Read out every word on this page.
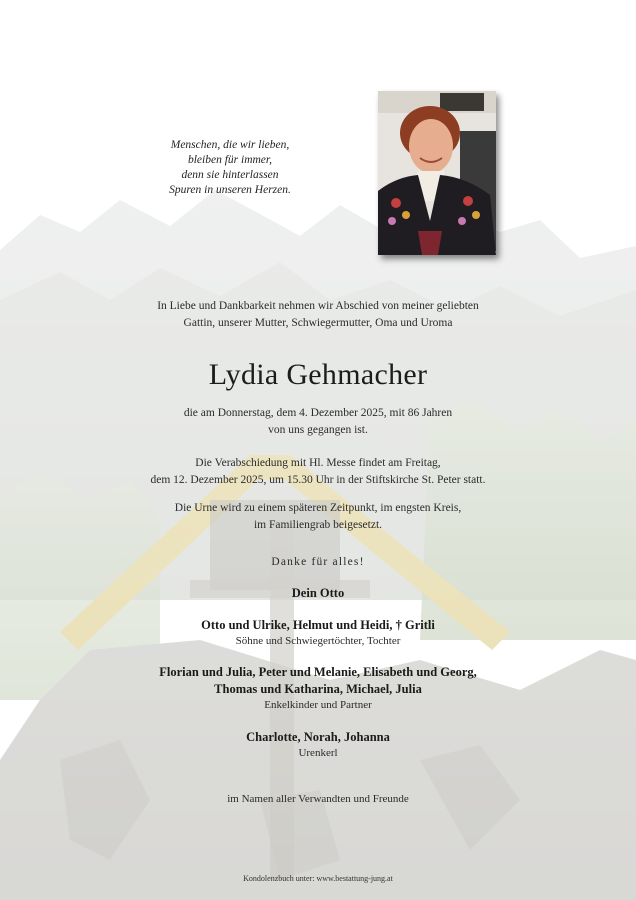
Menschen, die wir lieben,
bleiben für immer,
denn sie hinterlassen
Spuren in unseren Herzen.
In Liebe und Dankbarkeit nehmen wir Abschied von meiner geliebten
Gattin, unserer Mutter, Schwiegermutter, Oma und Uroma
Lydia Gehmacher
die am Donnerstag, dem 4. Dezember 2025, mit 86 Jahren
von uns gegangen ist.
Die Verabschiedung mit Hl. Messe findet am Freitag,
dem 12. Dezember 2025, um 15.30 Uhr in der Stiftskirche St. Peter statt.
Die Urne wird zu einem späteren Zeitpunkt, im engsten Kreis,
im Familiengrab beigesetzt.
Danke für alles!
Dein Otto
Otto und Ulrike, Helmut und Heidi, † Gritli
Söhne und Schwiegertöchter, Tochter
Florian und Julia, Peter und Melanie, Elisabeth und Georg,
Thomas und Katharina, Michael, Julia
Enkelkinder und Partner
Charlotte, Norah, Johanna
Urenkerl
im Namen aller Verwandten und Freunde
Kondolenzbuch unter: www.bestattung-jung.at
